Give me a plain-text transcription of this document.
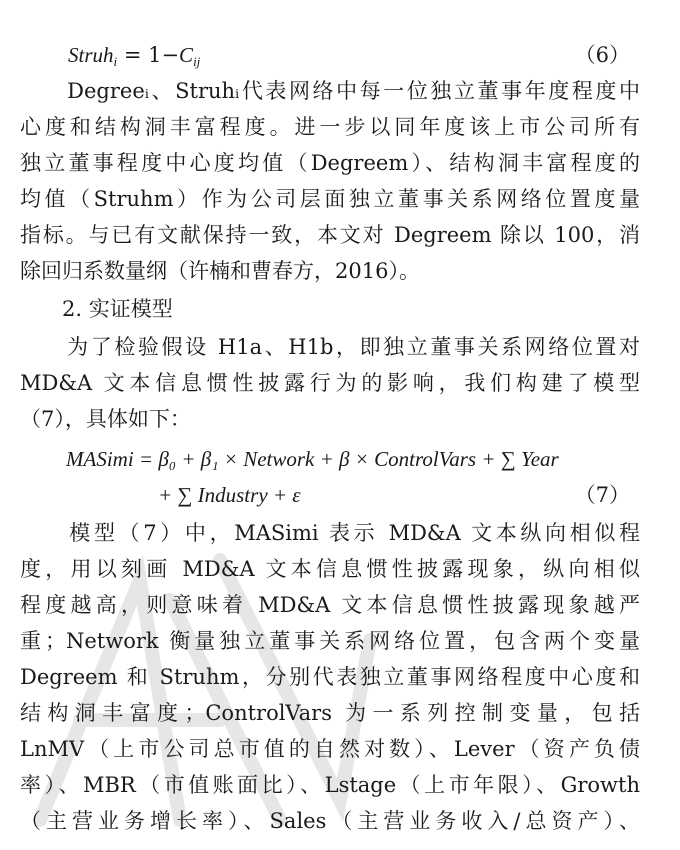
Struh$_i$ = $1-C_{ij}$	（6）
　　Degreeᵢ、Struhᵢ代表网络中每一位独立董事年度程度中
心度和结构洞丰富程度。进一步以同年度该上市公司所有
独立董事程度中心度均值（Degreem）、结构洞丰富程度的
均值（Struhm）作为公司层面独立董事关系网络位置度量
指标。与已有文献保持一致，本文对 Degreem 除以 100，消
除回归系数量纲（许楠和曹春方，2016）。
　　2. 实证模型
　　为了检验假设 H1a、H1b，即独立董事关系网络位置对
MD&A 文本信息惯性披露行为的影响，我们构建了模型
（7），具体如下：
MASimi = β₀ + β₁ × Network + β × ControlVars + ∑ Year
+ ∑ Industry + ε	（7）
　　模型（7）中，MASimi 表示 MD&A 文本纵向相似程
度，用以刻画 MD&A 文本信息惯性披露现象，纵向相似
程度越高，则意味着 MD&A 文本信息惯性披露现象越严
重；Network 衡量独立董事关系网络位置，包含两个变量
Degreem 和 Struhm，分别代表独立董事网络程度中心度和
结构洞丰富度；ControlVars 为一系列控制变量，包括
LnMV（上市公司总市值的自然对数）、Lever（资产负债
率）、MBR（市值账面比）、Lstage（上市年限）、Growth
（主营业务增长率）、Sales（主营业务收入/总资产）、
